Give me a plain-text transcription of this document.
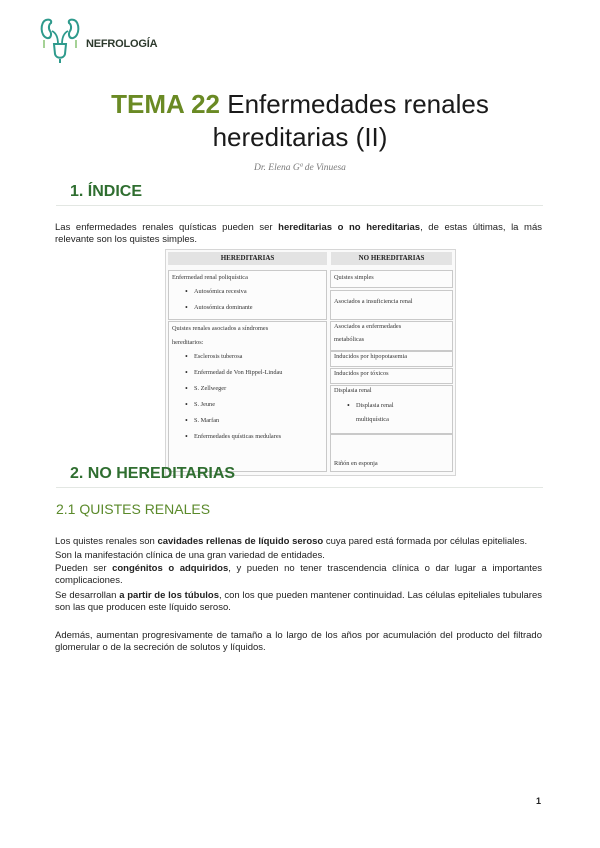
NEFROLOGÍA
TEMA 22 Enfermedades renales
hereditarias (II)
Dr. Elena Gª de Vinuesa
1. ÍNDICE
Las enfermedades renales quísticas pueden ser hereditarias o no hereditarias, de estas últimas, la más relevante son los quistes simples.
HEREDITARIAS	NO HEREDITARIAS
Enfermedad renal poliquística
• Autosómica recesiva
• Autosómica dominante
Quistes renales asociados a síndromes
hereditarios:
• Esclerosis tuberosa
• Enfermedad de Von Hippel-Lindau
• S. Zellweger
• S. Jeune
• S. Marfan
• Enfermedades quísticas medulares
Quistes simples
Asociados a insuficiencia renal
Asociados a enfermedades
metabólicas
Inducidos por hipopotasemia
Inducidos por tóxicos
Displasia renal
• Displasia renal
multiquística
Riñón en esponja
2. NO HEREDITARIAS
2.1 QUISTES RENALES
Los quistes renales son cavidades rellenas de líquido seroso cuya pared está formada por células epiteliales.
Son la manifestación clínica de una gran variedad de entidades.
Pueden ser congénitos o adquiridos, y pueden no tener trascendencia clínica o dar lugar a importantes complicaciones.
Se desarrollan a partir de los túbulos, con los que pueden mantener continuidad. Las células epiteliales tubulares son las que producen este líquido seroso.
Además, aumentan progresivamente de tamaño a lo largo de los años por acumulación del producto del filtrado glomerular o de la secreción de solutos y líquidos.
1
